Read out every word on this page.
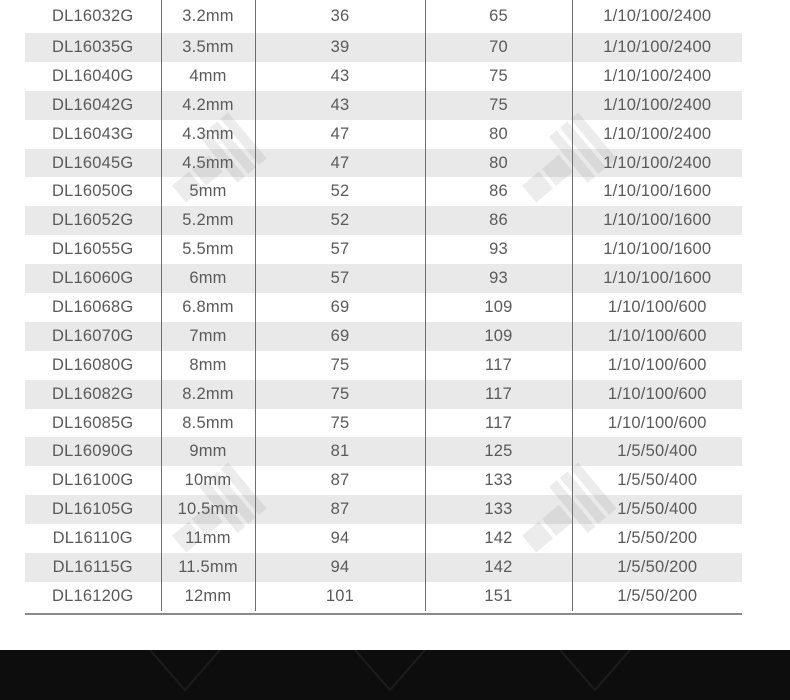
DL16032G	3.2mm	36	65	1/10/100/2400
DL16035G	3.5mm	39	70	1/10/100/2400
DL16040G	4mm	43	75	1/10/100/2400
DL16042G	4.2mm	43	75	1/10/100/2400
DL16043G	4.3mm	47	80	1/10/100/2400
DL16045G	4.5mm	47	80	1/10/100/2400
DL16050G	5mm	52	86	1/10/100/1600
DL16052G	5.2mm	52	86	1/10/100/1600
DL16055G	5.5mm	57	93	1/10/100/1600
DL16060G	6mm	57	93	1/10/100/1600
DL16068G	6.8mm	69	109	1/10/100/600
DL16070G	7mm	69	109	1/10/100/600
DL16080G	8mm	75	117	1/10/100/600
DL16082G	8.2mm	75	117	1/10/100/600
DL16085G	8.5mm	75	117	1/10/100/600
DL16090G	9mm	81	125	1/5/50/400
DL16100G	10mm	87	133	1/5/50/400
DL16105G	10.5mm	87	133	1/5/50/400
DL16110G	11mm	94	142	1/5/50/200
DL16115G	11.5mm	94	142	1/5/50/200
DL16120G	12mm	101	151	1/5/50/200
